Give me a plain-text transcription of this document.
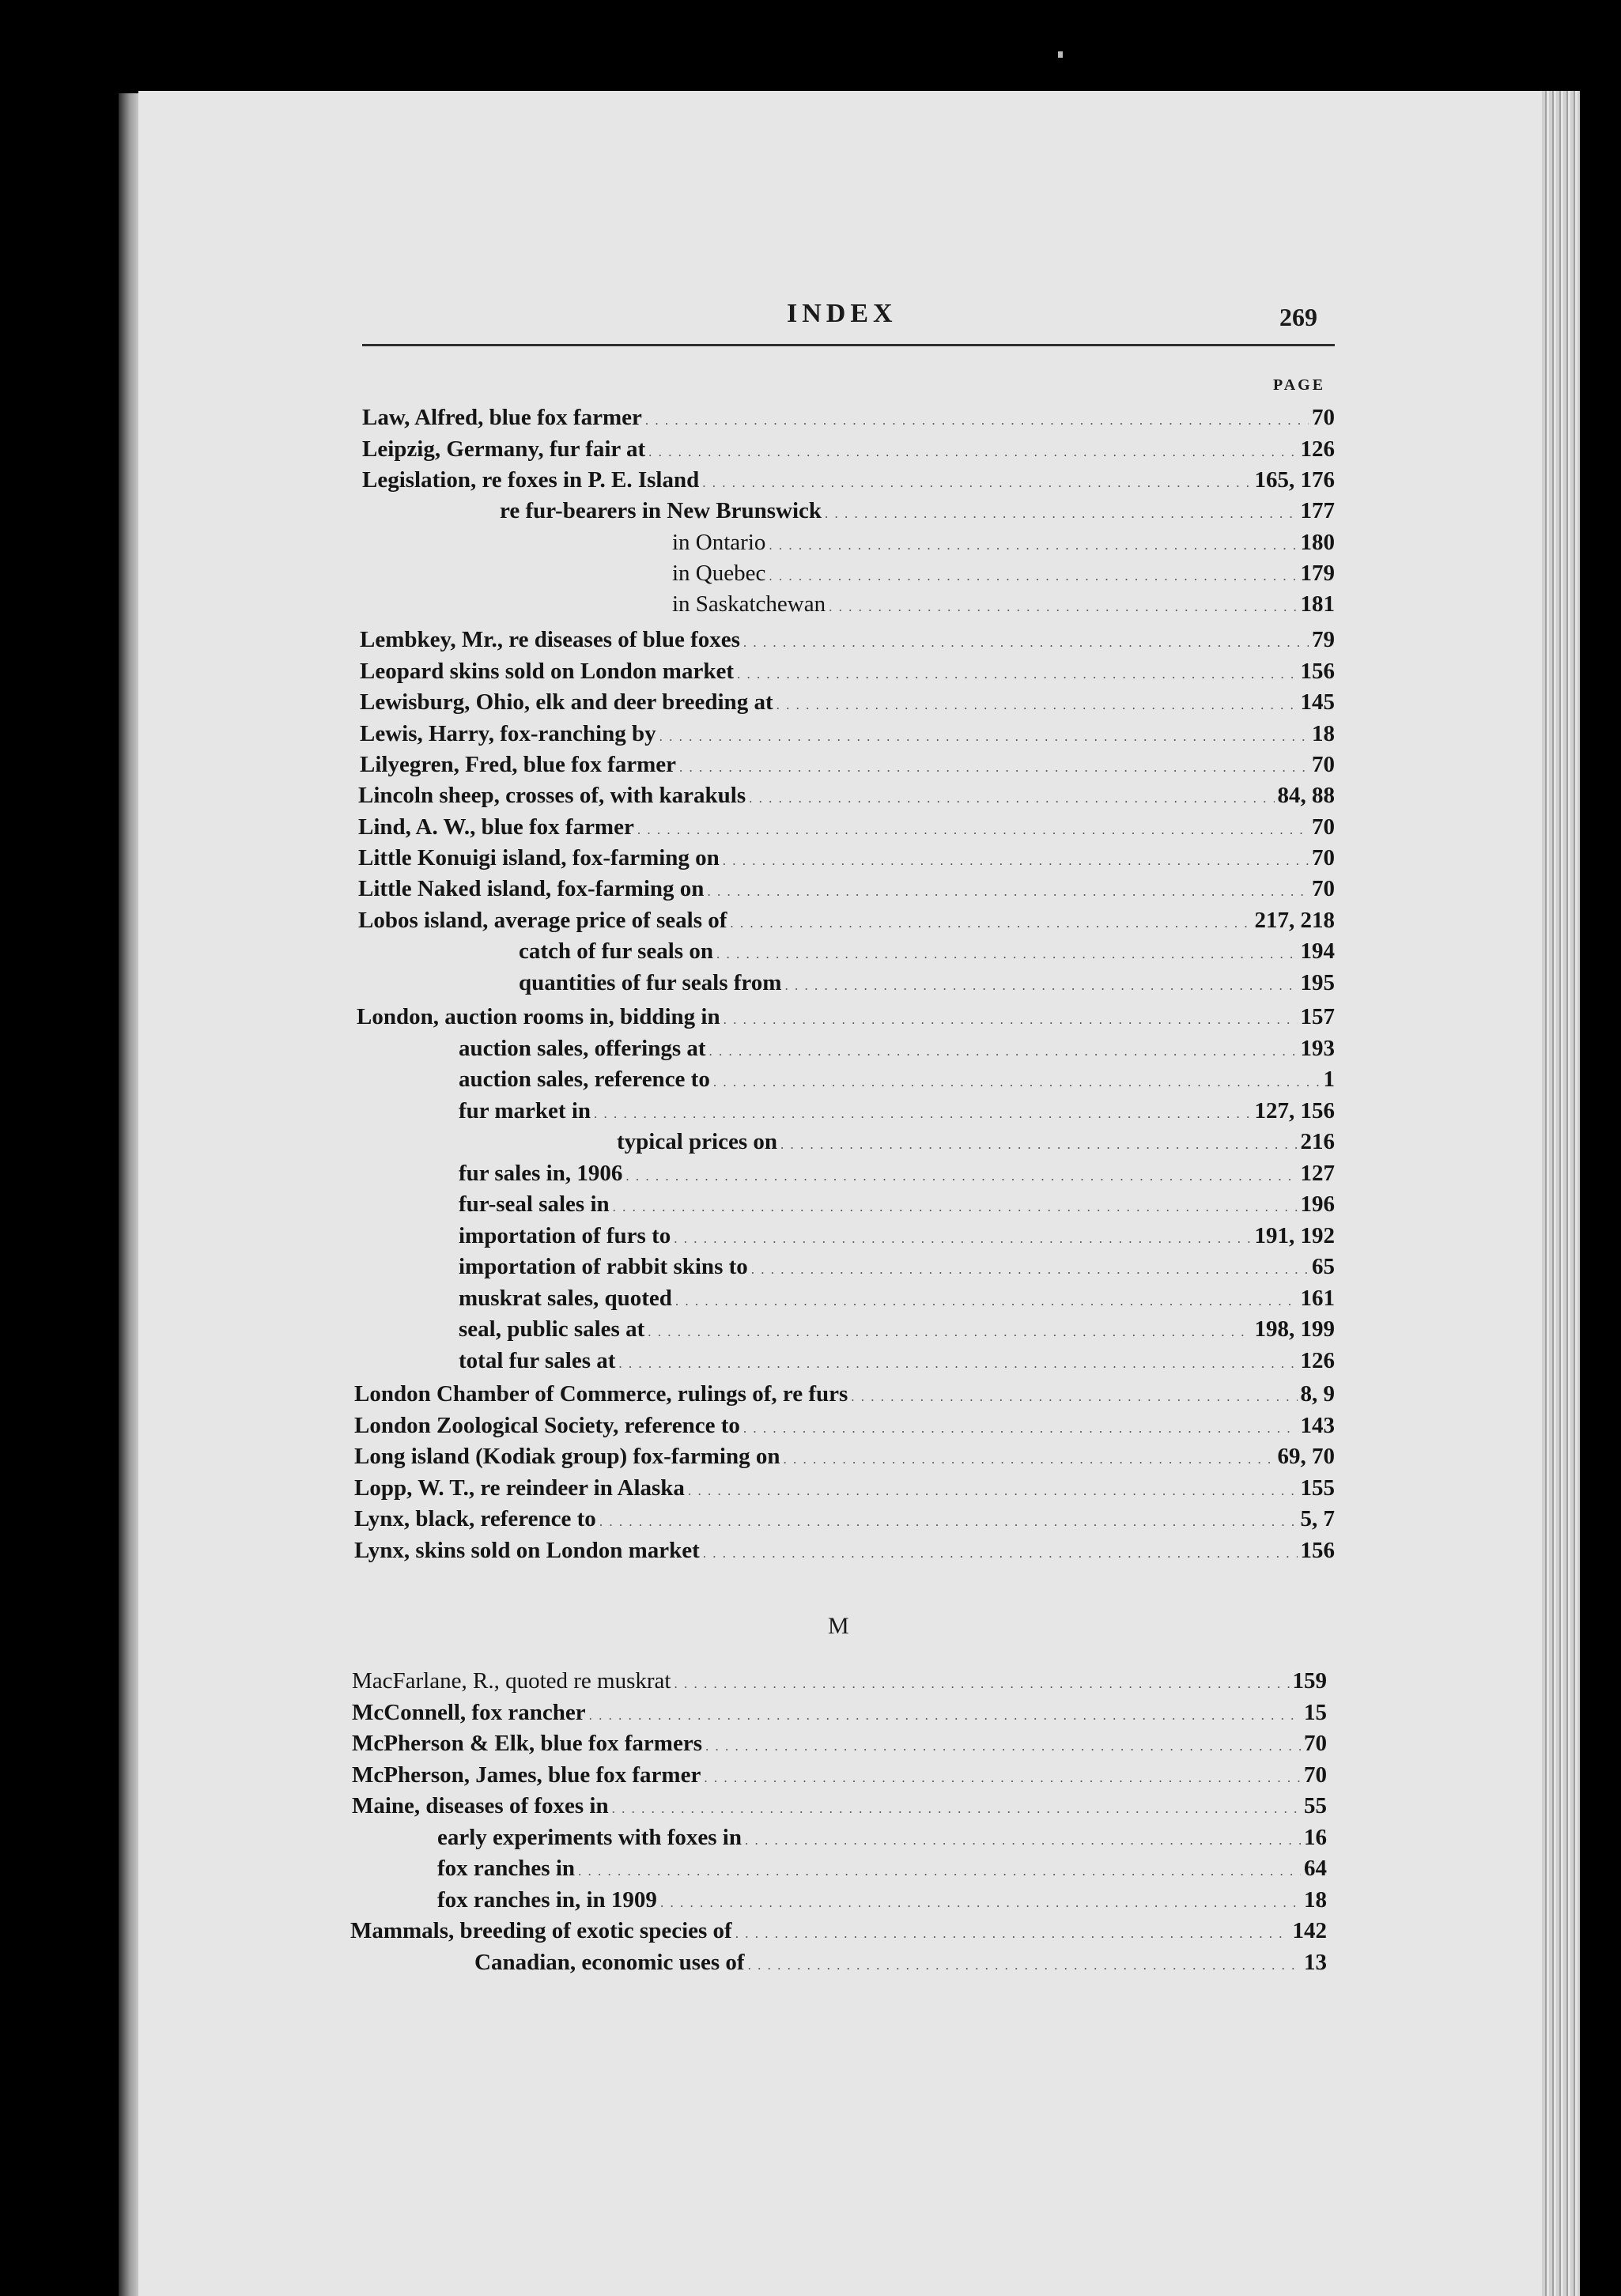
INDEX	269
PAGE
Law, Alfred, blue fox farmer . . .	70
Leipzig, Germany, fur fair at . . .	126
Legislation, re foxes in P. E. Island . . .	165, 176
re fur-bearers in New Brunswick . . .	177
in Ontario . . .	180
in Quebec . . .	179
in Saskatchewan . . .	181
Lembkey, Mr., re diseases of blue foxes . . .	79
Leopard skins sold on London market . . .	156
Lewisburg, Ohio, elk and deer breeding at . . .	145
Lewis, Harry, fox-ranching by . . .	18
Lilyegren, Fred, blue fox farmer . . .	70
Lincoln sheep, crosses of, with karakuls . . .	84, 88
Lind, A. W., blue fox farmer . . .	70
Little Konuigi island, fox-farming on . . .	70
Little Naked island, fox-farming on . . .	70
Lobos island, average price of seals of . . .	217, 218
catch of fur seals on . . .	194
quantities of fur seals from . . .	195
London, auction rooms in, bidding in . . .	157
auction sales, offerings at . . .	193
auction sales, reference to . . .	1
fur market in . . .	127, 156
typical prices on . . .	216
fur sales in, 1906 . . .	127
fur-seal sales in . . .	196
importation of furs to . . .	191, 192
importation of rabbit skins to . . .	65
muskrat sales, quoted . . .	161
seal, public sales at . . .	198, 199
total fur sales at . . .	126
London Chamber of Commerce, rulings of, re furs . . .	8, 9
London Zoological Society, reference to . . .	143
Long island (Kodiak group) fox-farming on . . .	69, 70
Lopp, W. T., re reindeer in Alaska . . .	155
Lynx, black, reference to . . .	5, 7
Lynx, skins sold on London market . . .	156
M
MacFarlane, R., quoted re muskrat . . .	159
McConnell, fox rancher . . .	15
McPherson & Elk, blue fox farmers . . .	70
McPherson, James, blue fox farmer . . .	70
Maine, diseases of foxes in . . .	55
early experiments with foxes in . . .	16
fox ranches in . . .	64
fox ranches in, in 1909 . . .	18
Mammals, breeding of exotic species of . . .	142
Canadian, economic uses of . . .	13
